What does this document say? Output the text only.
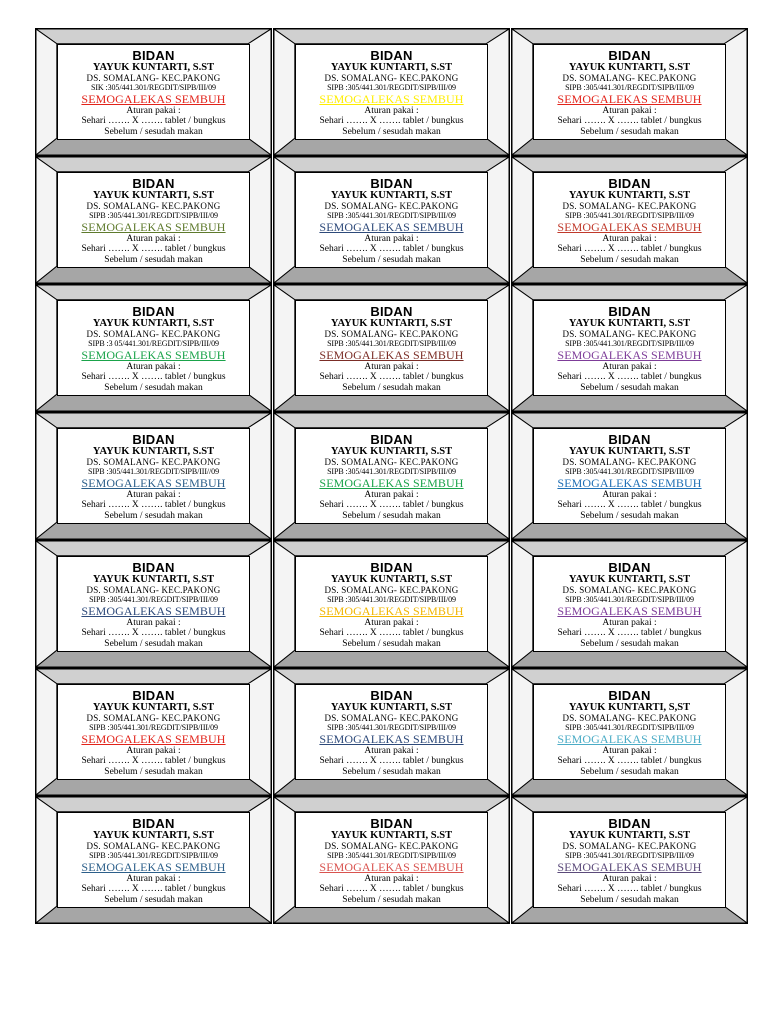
BIDAN
YAYUK KUNTARTI, S.ST
DS. SOMALANG- KEC.PAKONG
SIK :305/441.301/REGDIT/SIPB/III/09
SEMOGALEKAS SEMBUH
Aturan pakai :
Sehari ……. X ……. tablet / bungkus
Sebelum / sesudah makan
BIDAN
YAYUK KUNTARTI, S.ST
DS. SOMALANG- KEC.PAKONG
SIPB :305/441.301/REGDIT/SIPB/III/09
SEMOGALEKAS SEMBUH
Aturan pakai :
Sehari ……. X ……. tablet / bungkus
Sebelum / sesudah makan
BIDAN
YAYUK KUNTARTI, S.ST
DS. SOMALANG- KEC.PAKONG
SIPB :305/441.301/REGDIT/SIPB/III/09
SEMOGALEKAS SEMBUH
Aturan pakai :
Sehari ……. X ……. tablet / bungkus
Sebelum / sesudah makan
BIDAN
YAYUK KUNTARTI, S.ST
DS. SOMALANG- KEC.PAKONG
SIPB :305/441.301/REGDIT/SIPB/III/09
SEMOGALEKAS SEMBUH
Aturan pakai :
Sehari ……. X ……. tablet / bungkus
Sebelum / sesudah makan
BIDAN
YAYUK KUNTARTI, S.ST
DS. SOMALANG- KEC.PAKONG
SIPB :305/441.301/REGDIT/SIPB/III/09
SEMOGALEKAS SEMBUH
Aturan pakai :
Sehari ……. X ……. tablet / bungkus
Sebelum / sesudah makan
BIDAN
YAYUK KUNTARTI, S.ST
DS. SOMALANG- KEC.PAKONG
SIPB :305/441.301/REGDIT/SIPB/III/09
SEMOGALEKAS SEMBUH
Aturan pakai :
Sehari ……. X ……. tablet / bungkus
Sebelum / sesudah makan
BIDAN
YAYUK KUNTARTI, S.ST
DS. SOMALANG- KEC.PAKONG
SIPB :3 05/441.301/REGDIT/SIPB/III/09
SEMOGALEKAS SEMBUH
Aturan pakai :
Sehari ……. X ……. tablet / bungkus
Sebelum / sesudah makan
BIDAN
YAYUK KUNTARTI, S.ST
DS. SOMALANG- KEC.PAKONG
SIPB :305/441.301/REGDIT/SIPB/III/09
SEMOGALEKAS SEMBUH
Aturan pakai :
Sehari ……. X ……. tablet / bungkus
Sebelum / sesudah makan
BIDAN
YAYUK KUNTARTI, S.ST
DS. SOMALANG- KEC.PAKONG
SIPB :305/441.301/REGDIT/SIPB/III/09
SEMOGALEKAS SEMBUH
Aturan pakai :
Sehari ……. X ……. tablet / bungkus
Sebelum / sesudah makan
BIDAN
YAYUK KUNTARTI, S.ST
DS. SOMALANG- KEC.PAKONG
SIPB :305/441.301/REGDIT/SIPB/III//09
SEMOGALEKAS SEMBUH
Aturan pakai :
Sehari ……. X ……. tablet / bungkus
Sebelum / sesudah makan
BIDAN
YAYUK KUNTARTI, S.ST
DS. SOMALANG- KEC.PAKONG
SIPB :305/441.301/REGDIT/SIPB/III/09
SEMOGALEKAS SEMBUH
Aturan pakai :
Sehari ……. X ……. tablet / bungkus
Sebelum / sesudah makan
BIDAN
YAYUK KUNTARTI, S.ST
DS. SOMALANG- KEC.PAKONG
SIPB :305/441.301/REGDIT/SIPB/III/09
SEMOGALEKAS SEMBUH
Aturan pakai :
Sehari ……. X ……. tablet / bungkus
Sebelum / sesudah makan
BIDAN
YAYUK KUNTARTI, S.ST
DS. SOMALANG- KEC.PAKONG
SIPB :305/441.301/REGDIT/SIPB/III/09
SEMOGALEKAS SEMBUH
Aturan pakai :
Sehari ……. X ……. tablet / bungkus
Sebelum / sesudah makan
BIDAN
YAYUK KUNTARTI, S.ST
DS. SOMALANG- KEC.PAKONG
SIPB :305/441.301/REGDIT/SIPB/III/09
SEMOGALEKAS SEMBUH
Aturan pakai :
Sehari ……. X ……. tablet / bungkus
Sebelum / sesudah makan
BIDAN
YAYUK KUNTARTI, S.ST
DS. SOMALANG- KEC.PAKONG
SIPB :305/441.301/REGDIT/SIPB/III/09
SEMOGALEKAS SEMBUH
Aturan pakai :
Sehari ……. X ……. tablet / bungkus
Sebelum / sesudah makan
BIDAN
YAYUK KUNTARTI, S.ST
DS. SOMALANG- KEC.PAKONG
SIPB :305/441.301/REGDIT/SIPB/III/09
SEMOGALEKAS SEMBUH
Aturan pakai :
Sehari ……. X ……. tablet / bungkus
Sebelum / sesudah makan
BIDAN
YAYUK KUNTARTI, S.ST
DS. SOMALANG- KEC.PAKONG
SIPB :305/441.301/REGDIT/SIPB/III/09
SEMOGALEKAS SEMBUH
Aturan pakai :
Sehari ……. X ……. tablet / bungkus
Sebelum / sesudah makan
BIDAN
YAYUK KUNTARTI, S,ST
DS. SOMALANG- KEC.PAKONG
SIPB :305/441.301/REGDIT/SIPB/III/09
SEMOGALEKAS SEMBUH
Aturan pakai :
Sehari ……. X ……. tablet / bungkus
Sebelum / sesudah makan
BIDAN
YAYUK KUNTARTI, S.ST
DS. SOMALANG- KEC.PAKONG
SIPB :305/441.301/REGDIT/SIPB/III/09
SEMOGALEKAS SEMBUH
Aturan pakai :
Sehari ……. X ……. tablet / bungkus
Sebelum / sesudah makan
BIDAN
YAYUK KUNTARTI, S.ST
DS. SOMALANG- KEC.PAKONG
SIPB :305/441.301/REGDIT/SIPB/III/09
SEMOGALEKAS SEMBUH
Aturan pakai :
Sehari ……. X ……. tablet / bungkus
Sebelum / sesudah makan
BIDAN
YAYUK KUNTARTI, S.ST
DS. SOMALANG- KEC.PAKONG
SIPB :305/441.301/REGDIT/SIPB/III/09
SEMOGALEKAS SEMBUH
Aturan pakai :
Sehari ……. X ……. tablet / bungkus
Sebelum / sesudah makan
